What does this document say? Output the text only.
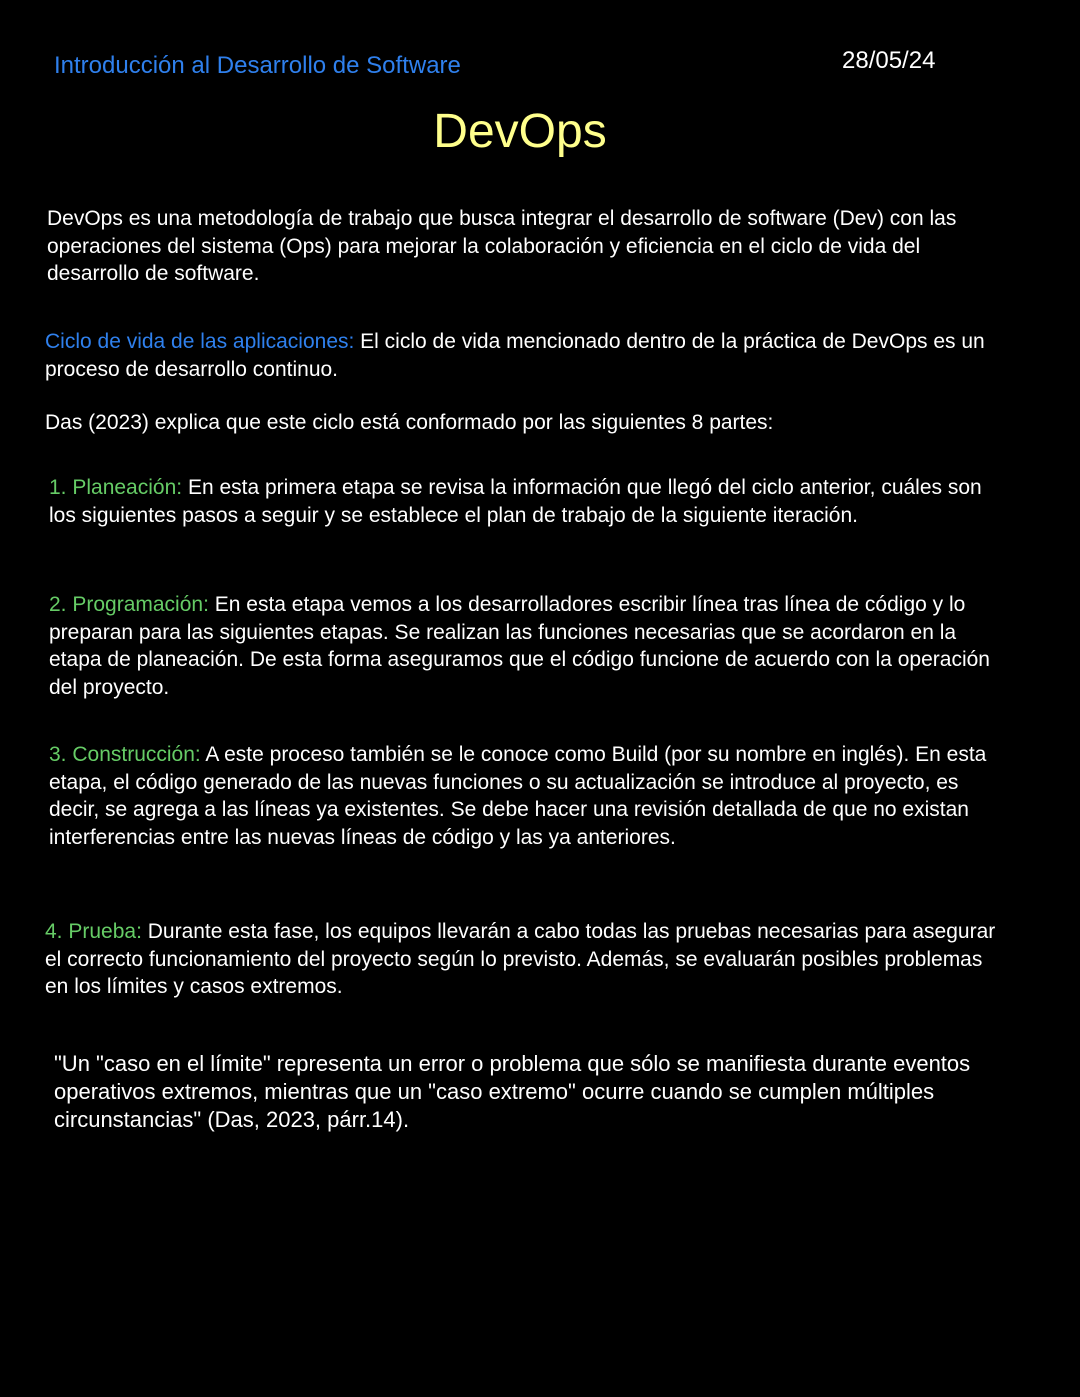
Introducción al Desarrollo de Software	28/05/24
DevOps
DevOps es una metodología de trabajo que busca integrar el desarrollo de software (Dev) con las operaciones del sistema (Ops) para mejorar la colaboración y eficiencia en el ciclo de vida del desarrollo de software.
Ciclo de vida de las aplicaciones: El ciclo de vida mencionado dentro de la práctica de DevOps es un proceso de desarrollo continuo.
Das (2023) explica que este ciclo está conformado por las siguientes 8 partes:
1. Planeación: En esta primera etapa se revisa la información que llegó del ciclo anterior, cuáles son los siguientes pasos a seguir y se establece el plan de trabajo de la siguiente iteración.
2. Programación: En esta etapa vemos a los desarrolladores escribir línea tras línea de código y lo preparan para las siguientes etapas. Se realizan las funciones necesarias que se acordaron en la etapa de planeación. De esta forma aseguramos que el código funcione de acuerdo con la operación del proyecto.
3. Construcción: A este proceso también se le conoce como Build (por su nombre en inglés). En esta etapa, el código generado de las nuevas funciones o su actualización se introduce al proyecto, es decir, se agrega a las líneas ya existentes. Se debe hacer una revisión detallada de que no existan interferencias entre las nuevas líneas de código y las ya anteriores.
4. Prueba: Durante esta fase, los equipos llevarán a cabo todas las pruebas necesarias para asegurar el correcto funcionamiento del proyecto según lo previsto. Además, se evaluarán posibles problemas en los límites y casos extremos.
"Un "caso en el límite" representa un error o problema que sólo se manifiesta durante eventos operativos extremos, mientras que un "caso extremo" ocurre cuando se cumplen múltiples circunstancias" (Das, 2023, párr.14).
